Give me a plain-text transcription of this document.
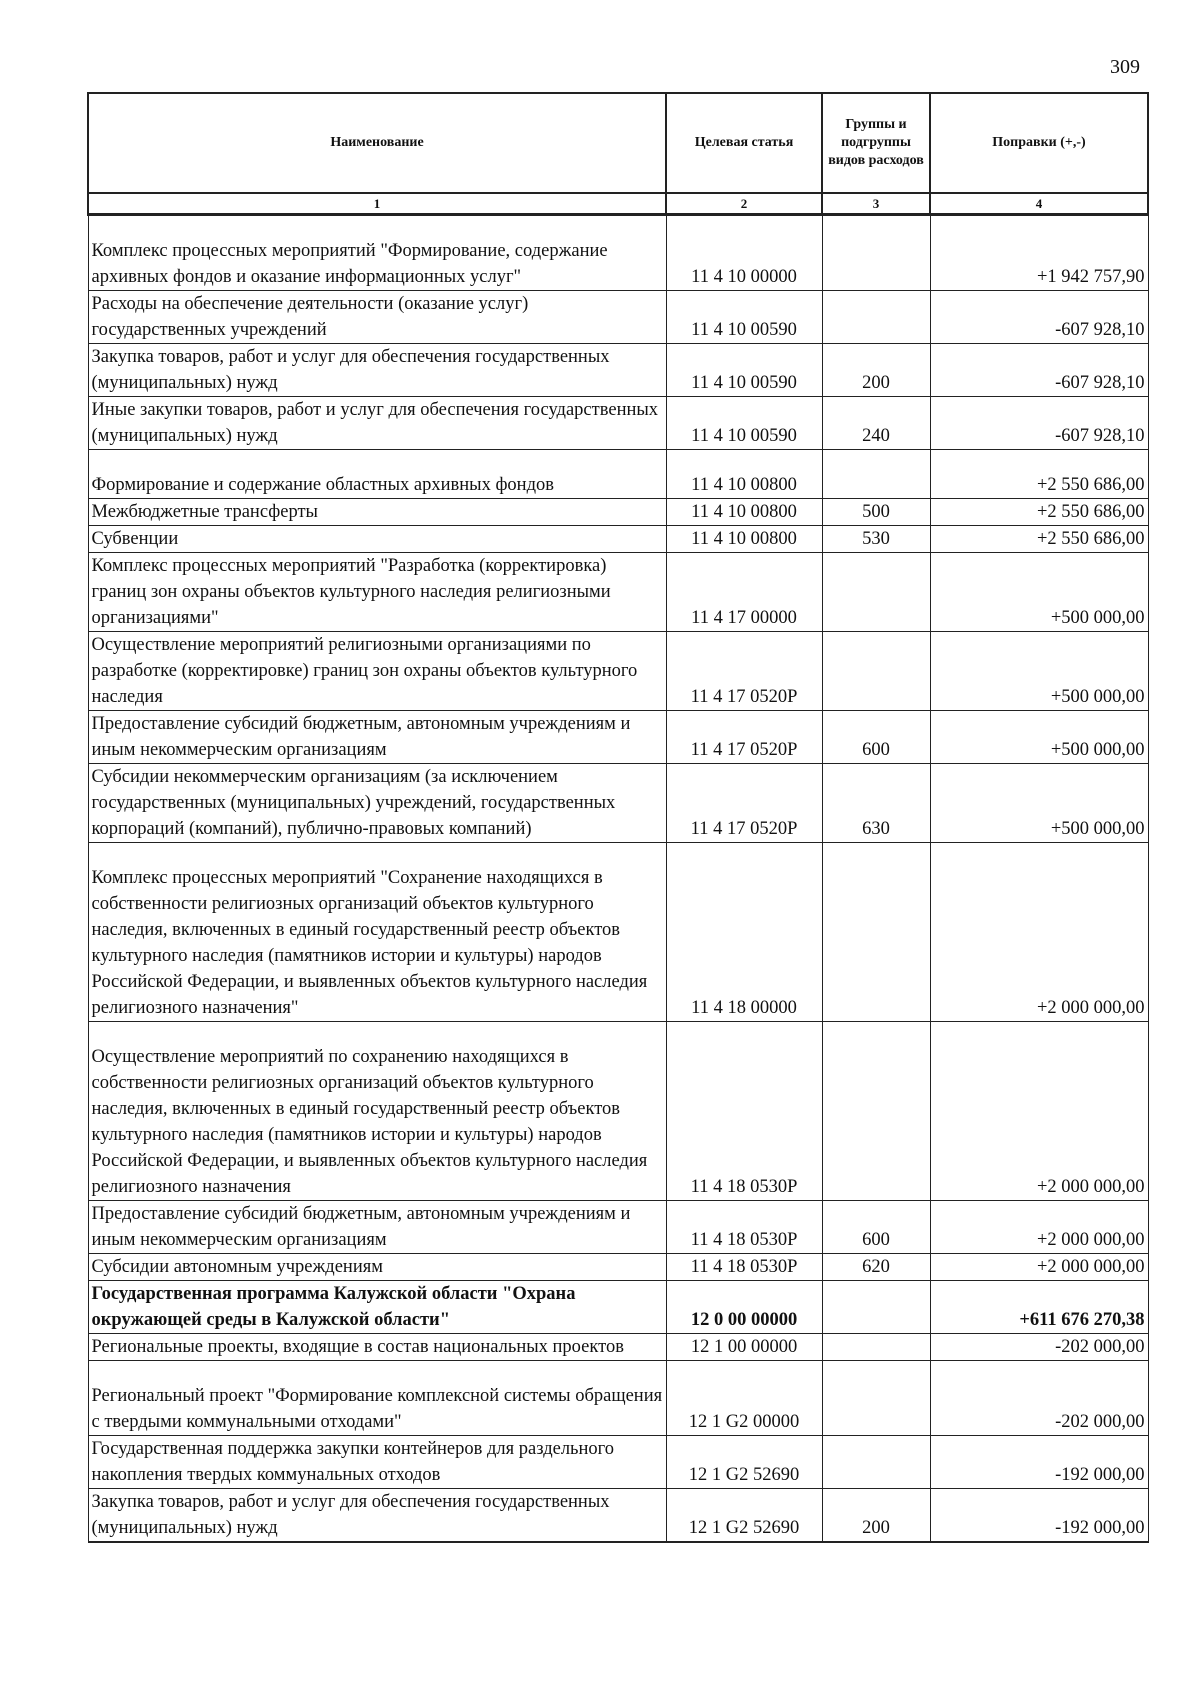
309
Наименование	Целевая статья	Группы и подгруппы видов расходов	Поправки (+,-)
1	2	3	4
Комплекс процессных мероприятий "Формирование, содержание архивных фондов и оказание информационных услуг"	11 4 10 00000		+1 942 757,90
Расходы на обеспечение деятельности (оказание услуг) государственных учреждений	11 4 10 00590		-607 928,10
Закупка товаров, работ и услуг для обеспечения государственных (муниципальных) нужд	11 4 10 00590	200	-607 928,10
Иные закупки товаров, работ и услуг для обеспечения государственных (муниципальных) нужд	11 4 10 00590	240	-607 928,10
Формирование и содержание областных архивных фондов	11 4 10 00800		+2 550 686,00
Межбюджетные трансферты	11 4 10 00800	500	+2 550 686,00
Субвенции	11 4 10 00800	530	+2 550 686,00
Комплекс процессных мероприятий "Разработка (корректировка) границ зон охраны объектов культурного наследия религиозными организациями"	11 4 17 00000		+500 000,00
Осуществление мероприятий религиозными организациями по разработке (корректировке) границ зон охраны объектов культурного наследия	11 4 17 0520Р		+500 000,00
Предоставление субсидий бюджетным, автономным учреждениям и иным некоммерческим организациям	11 4 17 0520Р	600	+500 000,00
Субсидии некоммерческим организациям (за исключением государственных (муниципальных) учреждений, государственных корпораций (компаний), публично-правовых компаний)	11 4 17 0520Р	630	+500 000,00
Комплекс процессных мероприятий "Сохранение находящихся в собственности религиозных организаций объектов культурного наследия, включенных в единый государственный реестр объектов культурного наследия (памятников истории и культуры) народов Российской Федерации, и выявленных объектов культурного наследия религиозного назначения"	11 4 18 00000		+2 000 000,00
Осуществление мероприятий по сохранению находящихся в собственности религиозных организаций объектов культурного наследия, включенных в единый государственный реестр объектов культурного наследия (памятников истории и культуры) народов Российской Федерации, и выявленных объектов культурного наследия религиозного назначения	11 4 18 0530Р		+2 000 000,00
Предоставление субсидий бюджетным, автономным учреждениям и иным некоммерческим организациям	11 4 18 0530Р	600	+2 000 000,00
Субсидии автономным учреждениям	11 4 18 0530Р	620	+2 000 000,00
Государственная программа Калужской области "Охрана окружающей среды в Калужской области"	12 0 00 00000		+611 676 270,38
Региональные проекты, входящие в состав национальных проектов	12 1 00 00000		-202 000,00
Региональный проект "Формирование комплексной системы обращения с твердыми коммунальными отходами"	12 1 G2 00000		-202 000,00
Государственная поддержка закупки контейнеров для раздельного накопления твердых коммунальных отходов	12 1 G2 52690		-192 000,00
Закупка товаров, работ и услуг для обеспечения государственных (муниципальных) нужд	12 1 G2 52690	200	-192 000,00
